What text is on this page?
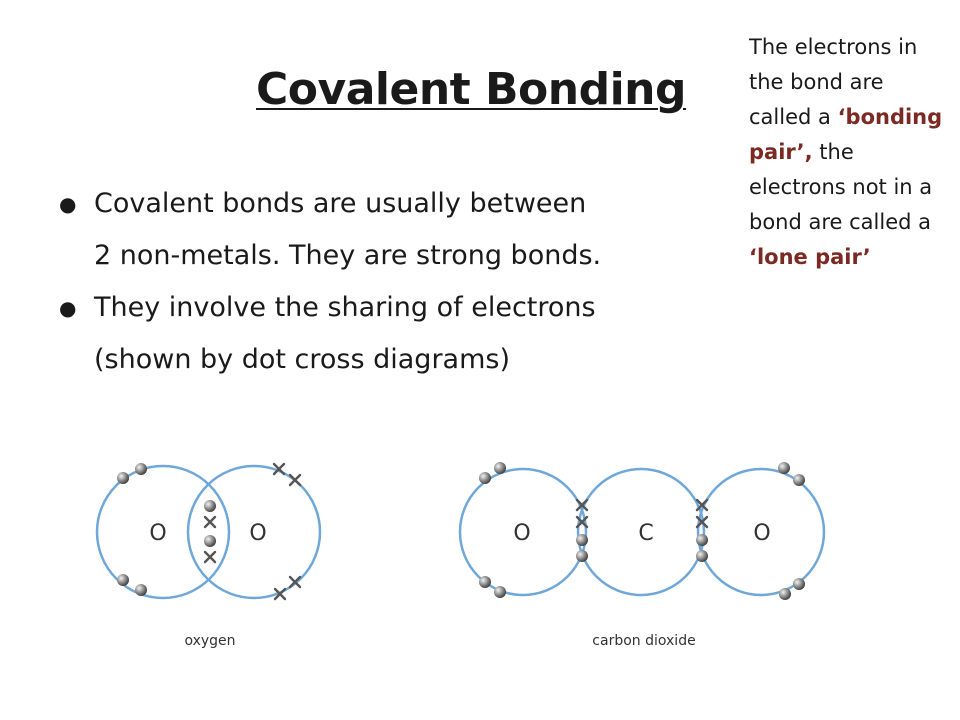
Covalent Bonding
● Covalent bonds are usually between
2 non-metals. They are strong bonds.
● They involve the sharing of electrons
(shown by dot cross diagrams)
The electrons in the bond are called a ‘bonding pair’, the electrons not in a bond are called a ‘lone pair’
O	O
oxygen
O	C	O
carbon dioxide
